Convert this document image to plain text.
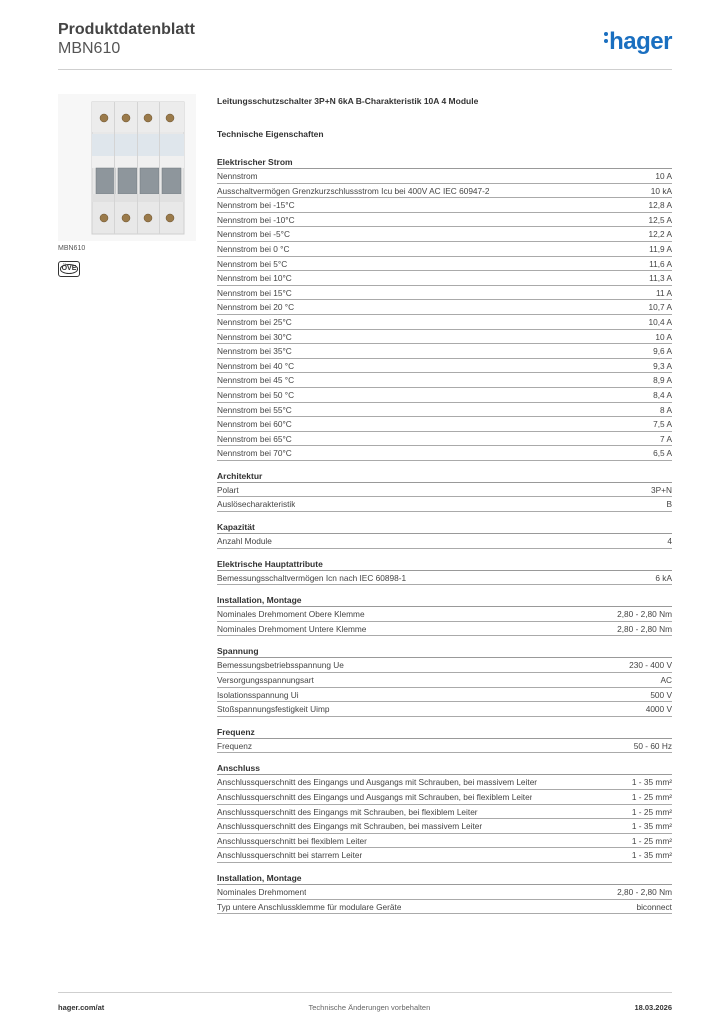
Produktdatenblatt
MBN610	hager
MBN610
ÖVE
Leitungsschutzschalter 3P+N 6kA B-Charakteristik 10A 4 Module
Technische Eigenschaften
Elektrischer Strom
Nennstrom	10 A
Ausschaltvermögen Grenzkurzschlussstrom Icu bei 400V AC IEC 60947-2	10 kA
Nennstrom bei -15°C	12,8 A
Nennstrom bei -10°C	12,5 A
Nennstrom bei -5°C	12,2 A
Nennstrom bei 0 °C	11,9 A
Nennstrom bei 5°C	11,6 A
Nennstrom bei 10°C	11,3 A
Nennstrom bei 15°C	11 A
Nennstrom bei 20 °C	10,7 A
Nennstrom bei 25°C	10,4 A
Nennstrom bei 30°C	10 A
Nennstrom bei 35°C	9,6 A
Nennstrom bei 40 °C	9,3 A
Nennstrom bei 45 °C	8,9 A
Nennstrom bei 50 °C	8,4 A
Nennstrom bei 55°C	8 A
Nennstrom bei 60°C	7,5 A
Nennstrom bei 65°C	7 A
Nennstrom bei 70°C	6,5 A
Architektur
Polart	3P+N
Auslösecharakteristik	B
Kapazität
Anzahl Module	4
Elektrische Hauptattribute
Bemessungsschaltvermögen Icn nach IEC 60898-1	6 kA
Installation, Montage
Nominales Drehmoment Obere Klemme	2,80 - 2,80 Nm
Nominales Drehmoment Untere Klemme	2,80 - 2,80 Nm
Spannung
Bemessungsbetriebsspannung Ue	230 - 400 V
Versorgungsspannungsart	AC
Isolationsspannung Ui	500 V
Stoßspannungsfestigkeit Uimp	4000 V
Frequenz
Frequenz	50 - 60 Hz
Anschluss
Anschlussquerschnitt des Eingangs und Ausgangs mit Schrauben, bei massivem Leiter	1 - 35 mm²
Anschlussquerschnitt des Eingangs und Ausgangs mit Schrauben, bei flexiblem Leiter	1 - 25 mm²
Anschlussquerschnitt des Eingangs mit Schrauben, bei flexiblem Leiter	1 - 25 mm²
Anschlussquerschnitt des Eingangs mit Schrauben, bei massivem Leiter	1 - 35 mm²
Anschlussquerschnitt bei flexiblem Leiter	1 - 25 mm²
Anschlussquerschnitt bei starrem Leiter	1 - 35 mm²
Installation, Montage
Nominales Drehmoment	2,80 - 2,80 Nm
Typ untere Anschlussklemme für modulare Geräte	biconnect
hager.com/at	Technische Änderungen vorbehalten	18.03.2026
